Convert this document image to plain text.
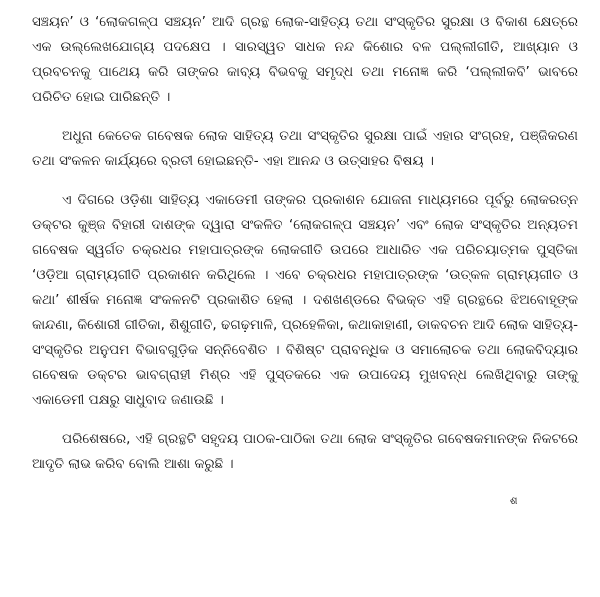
ସଞ୍ଚୟନ’ ଓ ‘ଲୋକଗଳ୍ପ ସଞ୍ଚୟନ’ ଆଦି ଗ୍ରନ୍ଥ ଲୋକ-ସାହିତ୍ୟ ତଥା ସଂସ୍କୃତିର ସୁରକ୍ଷା ଓ ବିକାଶ କ୍ଷେତ୍ରେ ଏକ ଉଲ୍ଲେଖଯୋଗ୍ୟ ପଦକ୍ଷେପ । ସାରସ୍ୱତ ସାଧକ ନନ୍ଦ କିଶୋର ବଳ ପଲ୍ଲୀଗୀତି, ଆଖ୍ୟାନ ଓ ପ୍ରବଚନକୁ ପାଥେୟ କରି ତାଙ୍କର କାବ୍ୟ ବିଭବକୁ ସମୃଦ୍ଧ ତଥା ମନୋଜ୍ଞ କରି ‘ପଲ୍ଲୀକବି’ ଭାବରେ ପରିଚିତ ହୋଇ ପାରିଛନ୍ତି ।

ଅଧୁନା କେତେକ ଗବେଷକ ଲୋକ ସାହିତ୍ୟ ତଥା ସଂସ୍କୃତିର ସୁରକ୍ଷା ପାଇଁ ଏହାର ସଂଗ୍ରହ, ପଞ୍ଜିକରଣ ତଥା ସଂକଳନ କାର୍ଯ୍ୟରେ ବ୍ରତୀ ହୋଇଛନ୍ତି- ଏହା ଆନନ୍ଦ ଓ ଉତ୍ସାହର ବିଷୟ ।

ଏ ଦିଗରେ ଓଡ଼ିଶା ସାହିତ୍ୟ ଏକାଡେମୀ ତାଙ୍କର ପ୍ରକାଶନ ଯୋଜନା ମାଧ୍ୟମରେ ପୂର୍ବରୁ ଲୋକରତ୍ନ ଡକ୍ଟର କୁଞ୍ଜ ବିହାରୀ ଦାଶଙ୍କ ଦ୍ୱାରା ସଂକଳିତ ‘ଲୋକଗଳ୍ପ ସଞ୍ଚୟନ’ ଏବଂ ଲୋକ ସଂସ୍କୃତିର ଅନ୍ୟତମ ଗବେଷକ ସ୍ୱର୍ଗତ ଚକ୍ରଧର ମହାପାତ୍ରଙ୍କ ଲୋକଗୀତି ଉପରେ ଆଧାରିତ ଏକ ପରିଚୟାତ୍ମକ ପୁସ୍ତିକା ‘ଓଡ଼ିଆ ଗ୍ରାମ୍ୟଗୀତି ପ୍ରକାଶନ କରିଥିଲେ । ଏବେ ଚକ୍ରଧର ମହାପାତ୍ରଙ୍କ ‘ଉତ୍କଳ ଗ୍ରାମ୍ୟଗୀତ ଓ କଥା’ ଶୀର୍ଷକ ମନୋଜ୍ଞ ସଂକଳନଟି ପ୍ରକାଶିତ ହେଲା । ଦଶଖଣ୍ଡରେ ବିଭକ୍ତ ଏହି ଗ୍ରନ୍ଥରେ ଝିଅବୋହୂଙ୍କ କାନ୍ଦଣା, କିଶୋରୀ ଗୀତିକା, ଶିଶୁଗୀତି, ଢଗଢ଼ମାଳି, ପ୍ରହେଳିକା, କଥାକାହାଣୀ, ଡାକବଚନ ଆଦି ଲୋକ ସାହିତ୍ୟ-ସଂସ୍କୃତିର ଅନୁପମ ବିଭାବଗୁଡ଼ିକ ସନ୍ନିବେଶିତ । ବିଶିଷ୍ଟ ପ୍ରାବନ୍ଧିକ ଓ ସମାଲୋଚକ ତଥା ଲୋକବିଦ୍ୟାର ଗବେଷକ ଡକ୍ଟର ଭାବଗ୍ରାହୀ ମିଶ୍ର ଏହି ପୁସ୍ତକରେ ଏକ ଉପାଦେୟ ମୁଖବନ୍ଧ ଲେଖିଥିବାରୁ ତାଙ୍କୁ ଏକାଡେମୀ ପକ୍ଷରୁ ସାଧୁବାଦ ଜଣାଉଛି ।

ପରିଶେଷରେ, ଏହି ଗ୍ରନ୍ଥଟି ସହୃଦୟ ପାଠକ-ପାଠିକା ତଥା ଲୋକ ସଂସ୍କୃତିର ଗବେଷକମାନଙ୍କ ନିକଟରେ ଆଦୃତି ଲାଭ କରିବ ବୋଲି ଆଶା କରୁଛି ।

ଶ
